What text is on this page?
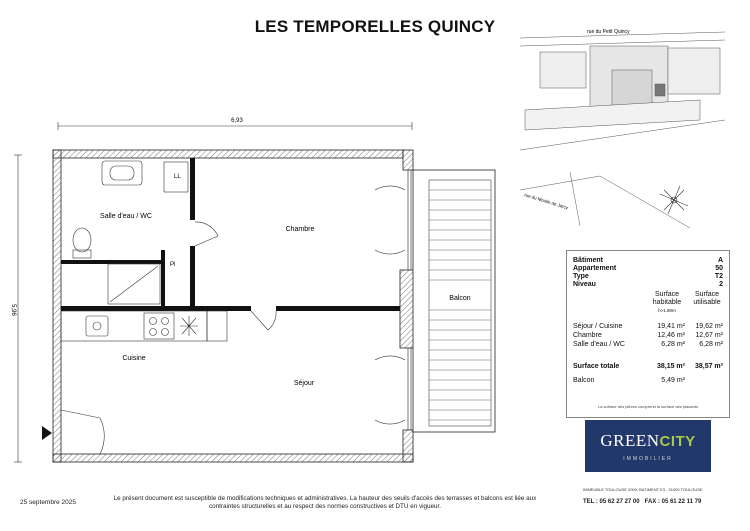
LES TEMPORELLES QUINCY
6,93
5,96
LL
Pl
Salle d'eau / WC
Chambre
Cuisine
Séjour
Balcon
rue du Petit Quincy
rue du Moulin de Jarcy
Bâtiment	A
Appartement	50
Type	T2
Niveau	2
Surface habitable
h>1.80m
Surface utilisable
Séjour / Cuisine	19,41 m²	19,62 m²
Chambre	12,46 m²	12,67 m²
Salle d'eau / WC	6,28 m²	6,28 m²
Surface totale	38,15 m²	38,57 m²
Balcon	5,49 m²
La surface des pièces comprend la surface des placards
GREENCITY
IMMOBILIER
IMMEUBLE TOULOUSE 2000, BATIMENT E3 - 31000 TOULOUSE
TEL : 05 62 27 27 00 FAX : 05 61 22 11 79
25 septembre 2025
Le présent document est susceptible de modifications techniques et administratives. La hauteur des seuils d'accès des terrasses et balcons est liée aux contraintes structurelles et au respect des normes constructives et DTU en vigueur.
